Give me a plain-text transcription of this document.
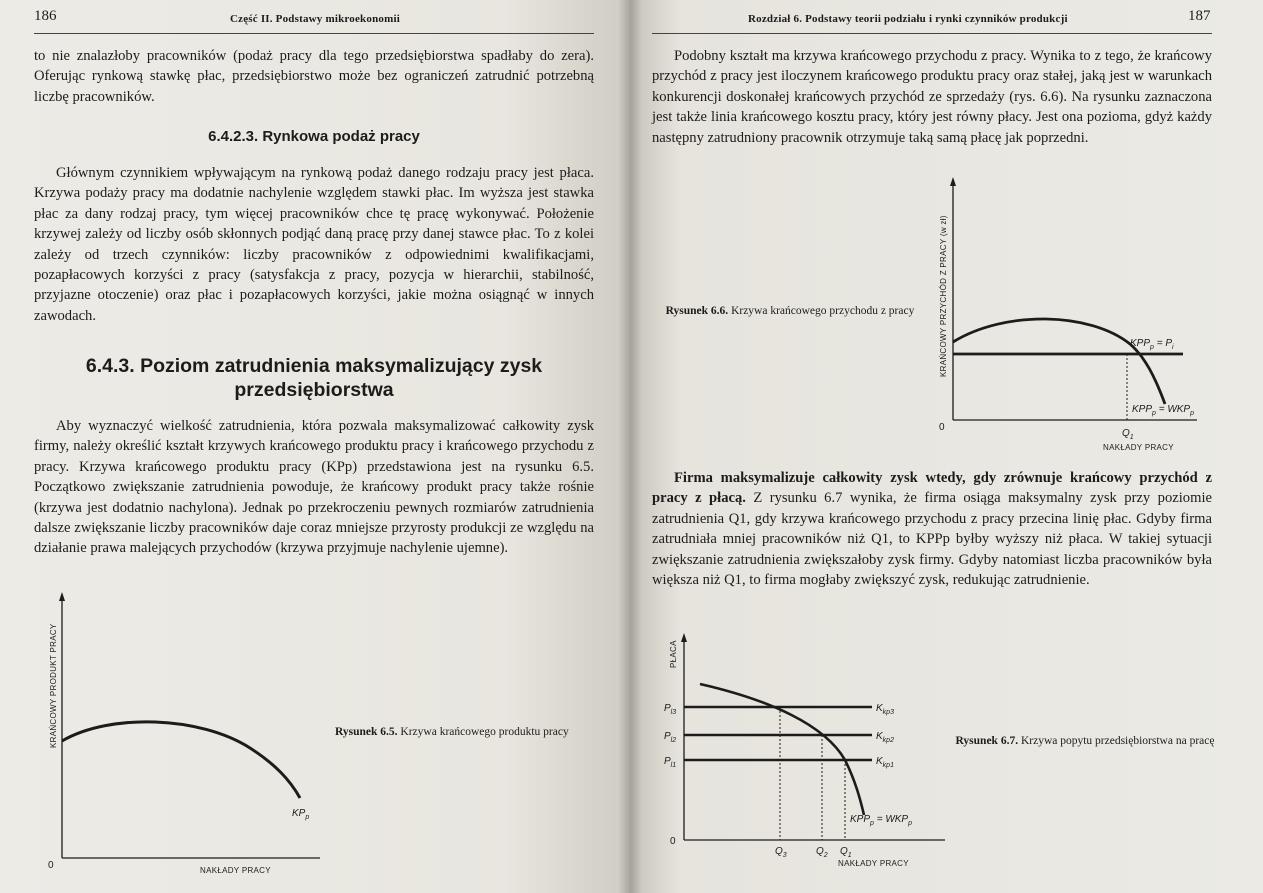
186	Część II. Podstawy mikroekonomii

to nie znalazłoby pracowników (podaż pracy dla tego przedsiębiorstwa spadłaby do zera). Oferując rynkową stawkę płac, przedsiębiorstwo może bez ograniczeń zatrudnić potrzebną liczbę pracowników.

6.4.2.3. Rynkowa podaż pracy

Głównym czynnikiem wpływającym na rynkową podaż danego rodzaju pracy jest płaca. Krzywa podaży pracy ma dodatnie nachylenie względem stawki płac. Im wyższa jest stawka płac za dany rodzaj pracy, tym więcej pracowników chce tę pracę wykonywać. Położenie krzywej zależy od liczby osób skłonnych podjąć daną pracę przy danej stawce płac. To z kolei zależy od trzech czynników: liczby pracowników z odpowiednimi kwalifikacjami, pozapłacowych korzyści z pracy (satysfakcja z pracy, pozycja w hierarchii, stabilność, przyjazne otoczenie) oraz płac i pozapłacowych korzyści, jakie można osiągnąć w innych zawodach.

6.4.3. Poziom zatrudnienia maksymalizujący zysk
przedsiębiorstwa

Aby wyznaczyć wielkość zatrudnienia, która pozwala maksymalizować całkowity zysk firmy, należy określić kształt krzywych krańcowego produktu pracy i krańcowego przychodu z pracy. Krzywa krańcowego produktu pracy (KPp) przedstawiona jest na rysunku 6.5. Początkowo zwiększanie zatrudnienia powoduje, że krańcowy produkt pracy także rośnie (krzywa jest dodatnio nachylona). Jednak po przekroczeniu pewnych rozmiarów zatrudnienia dalsze zwiększanie liczby pracowników daje coraz mniejsze przyrosty produkcji ze względu na działanie prawa malejących przychodów (krzywa przyjmuje nachylenie ujemne).

0
KRAŃCOWY PRODUKT PRACY
NAKŁADY PRACY
$KP_p$
Rysunek 6.5. Krzywa krańcowego produktu pracy
Rozdział 6. Podstawy teorii podziału i rynki czynników produkcji	187

Podobny kształt ma krzywa krańcowego przychodu z pracy. Wynika to z tego, że krańcowy przychód z pracy jest iloczynem krańcowego produktu pracy oraz stałej, jaką jest w warunkach konkurencji doskonałej krańcowych przychód ze sprzedaży (rys. 6.6). Na rysunku zaznaczona jest także linia krańcowego kosztu pracy, który jest równy płacy. Jest ona pozioma, gdyż każdy następny zatrudniony pracownik otrzymuje taką samą płacę jak poprzedni.

0
KRAŃCOWY PRZYCHÓD Z PRACY (w zł)
NAKŁADY PRACY
$KPP_p = P_i$
$KPP_p = WKP_p$
$Q_1$
Rysunek 6.6. Krzywa krańcowego przychodu z pracy

Firma maksymalizuje całkowity zysk wtedy, gdy zrównuje krańcowy przychód z pracy z płacą. Z rysunku 6.7 wynika, że firma osiąga maksymalny zysk przy poziomie zatrudnienia Q1, gdy krzywa krańcowego przychodu z pracy przecina linię płac. Gdyby firma zatrudniała mniej pracowników niż Q1, to KPPp byłby wyższy niż płaca. W takiej sytuacji zwiększanie zatrudnienia zwiększałoby zysk firmy. Gdyby natomiast liczba pracowników była większa niż Q1, to firma mogłaby zwiększyć zysk, redukując zatrudnienie.

0
PŁACA
NAKŁADY PRACY
$P_{l3}$
$P_{l2}$
$P_{l1}$
$K_{kp3}$
$K_{kp2}$
$K_{kp1}$
$Q_3$	$Q_2$ $Q_1$
$KPP_p = WKP_p$
Rysunek 6.7. Krzywa popytu przedsiębiorstwa na pracę
